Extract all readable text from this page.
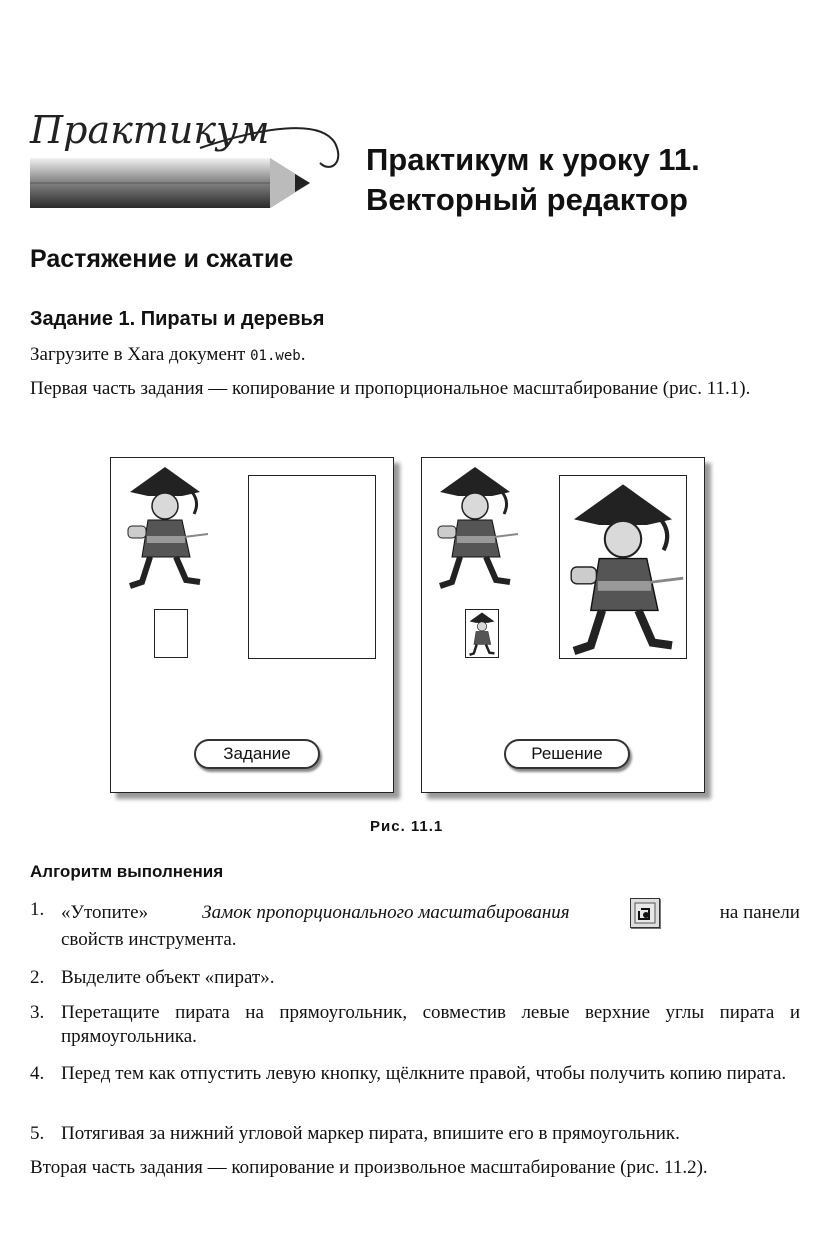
Практикум
Практикум к уроку 11.
Векторный редактор
Растяжение и сжатие
Задание 1. Пираты и деревья
Загрузите в Xara документ 01.web.
Первая часть задания — копирование и пропорциональное масштабирование (рис. 11.1).
Задание	Решение
Рис. 11.1
Алгоритм выполнения
1. «Утопите»	Замок пропорционального масштабирования	на панели
свойств инструмента.
2. Выделите объект «пират».
3. Перетащите пирата на прямоугольник, совместив левые верхние углы пирата и прямоугольника.
4. Перед тем как отпустить левую кнопку, щёлкните правой, чтобы получить копию пирата.
5. Потягивая за нижний угловой маркер пирата, впишите его в прямоугольник.
Вторая часть задания — копирование и произвольное масштабирование (рис. 11.2).
